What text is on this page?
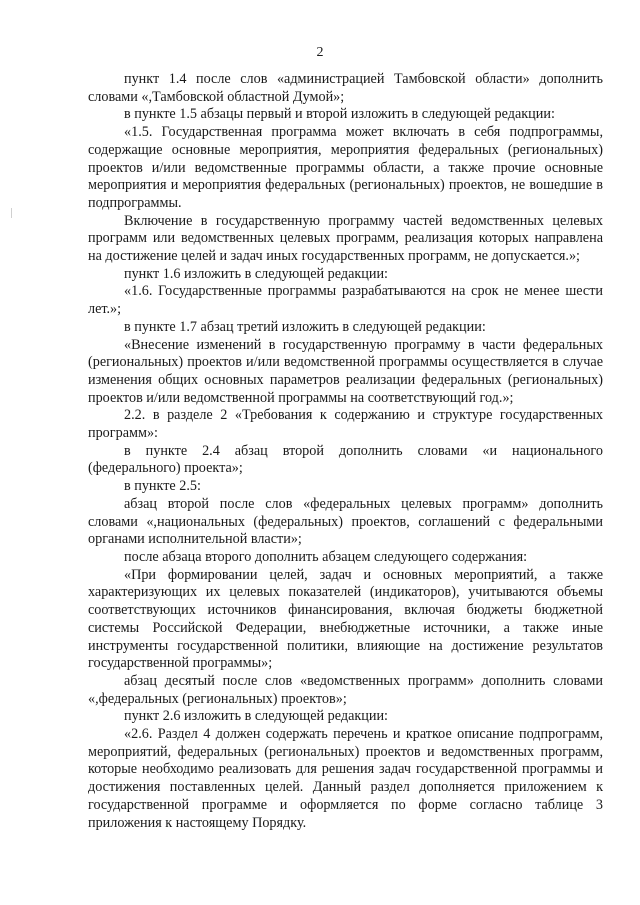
2

пункт 1.4 после слов «администрацией Тамбовской области» дополнить словами «,Тамбовской областной Думой»;

в пункте 1.5 абзацы первый и второй изложить в следующей редакции:

«1.5. Государственная программа может включать в себя подпрограммы, содержащие основные мероприятия, мероприятия федеральных (региональных) проектов и/или ведомственные программы области, а также прочие основные мероприятия и мероприятия федеральных (региональных) проектов, не вошедшие в подпрограммы.

Включение в государственную программу частей ведомственных целевых программ или ведомственных целевых программ, реализация которых направлена на достижение целей и задач иных государственных программ, не допускается.»;

пункт 1.6 изложить в следующей редакции:

«1.6. Государственные программы разрабатываются на срок не менее шести лет.»;

в пункте 1.7 абзац третий изложить в следующей редакции:

«Внесение изменений в государственную программу в части федеральных (региональных) проектов и/или ведомственной программы осуществляется в случае изменения общих основных параметров реализации федеральных (региональных) проектов и/или ведомственной программы на соответствующий год.»;

2.2. в разделе 2 «Требования к содержанию и структуре государственных программ»:

в пункте 2.4 абзац второй дополнить словами «и национального (федерального) проекта»;

в пункте 2.5:

абзац второй после слов «федеральных целевых программ» дополнить словами «,национальных (федеральных) проектов, соглашений с федеральными органами исполнительной власти»;

после абзаца второго дополнить абзацем следующего содержания:

«При формировании целей, задач и основных мероприятий, а также характеризующих их целевых показателей (индикаторов), учитываются объемы соответствующих источников финансирования, включая бюджеты бюджетной системы Российской Федерации, внебюджетные источники, а также иные инструменты государственной политики, влияющие на достижение результатов государственной программы»;

абзац десятый после слов «ведомственных программ» дополнить словами «,федеральных (региональных) проектов»;

пункт 2.6 изложить в следующей редакции:

«2.6. Раздел 4 должен содержать перечень и краткое описание подпрограмм, мероприятий, федеральных (региональных) проектов и ведомственных программ, которые необходимо реализовать для решения задач государственной программы и достижения поставленных целей. Данный раздел дополняется приложением к государственной программе и оформляется по форме согласно таблице 3 приложения к настоящему Порядку.
